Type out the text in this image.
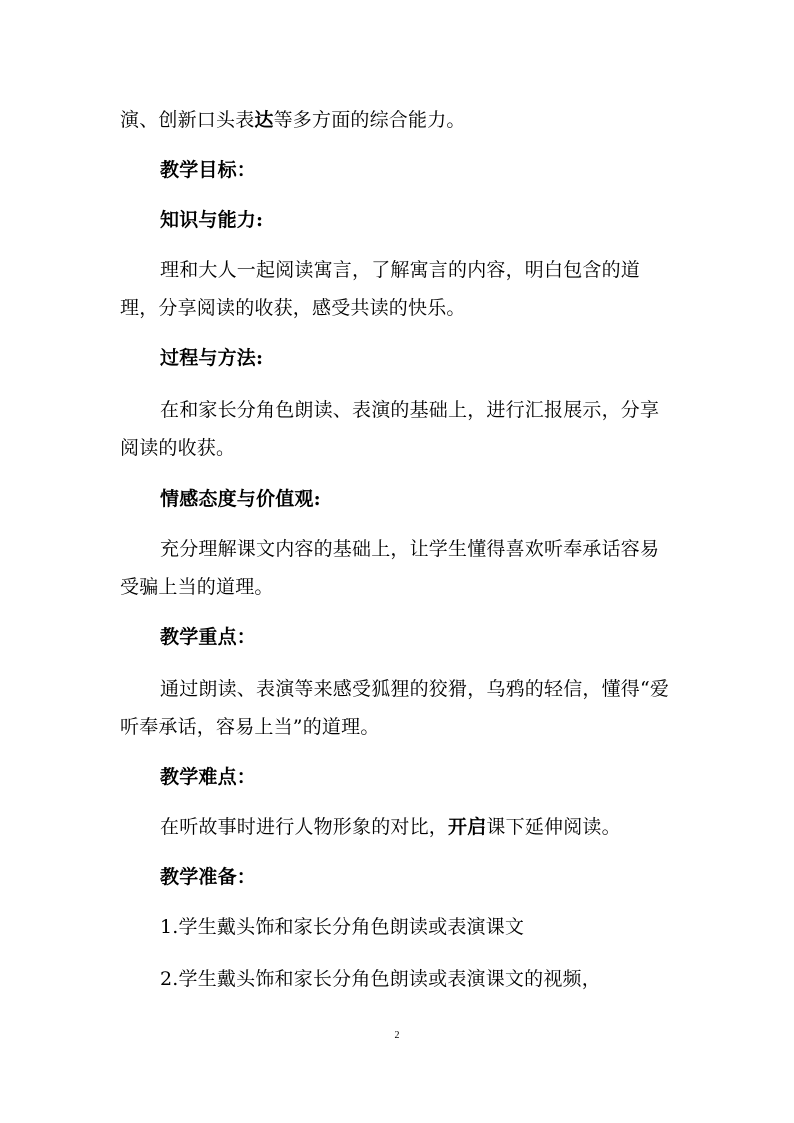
演、创新口头表达等多方面的综合能力。
教学目标：
知识与能力:
理和大人一起阅读寓言，了解寓言的内容，明白包含的道
理，分享阅读的收获，感受共读的快乐。
过程与方法:
在和家长分角色朗读、表演的基础上，进行汇报展示，分享
阅读的收获。
情感态度与价值观:
充分理解课文内容的基础上，让学生懂得喜欢听奉承话容易
受骗上当的道理。
教学重点：
通过朗读、表演等来感受狐狸的狡猾，乌鸦的轻信，懂得“爱
听奉承话，容易上当”的道理。
教学难点：
在听故事时进行人物形象的对比，开启课下延伸阅读。
教学准备：
1.学生戴头饰和家长分角色朗读或表演课文
2.学生戴头饰和家长分角色朗读或表演课文的视频，
2
